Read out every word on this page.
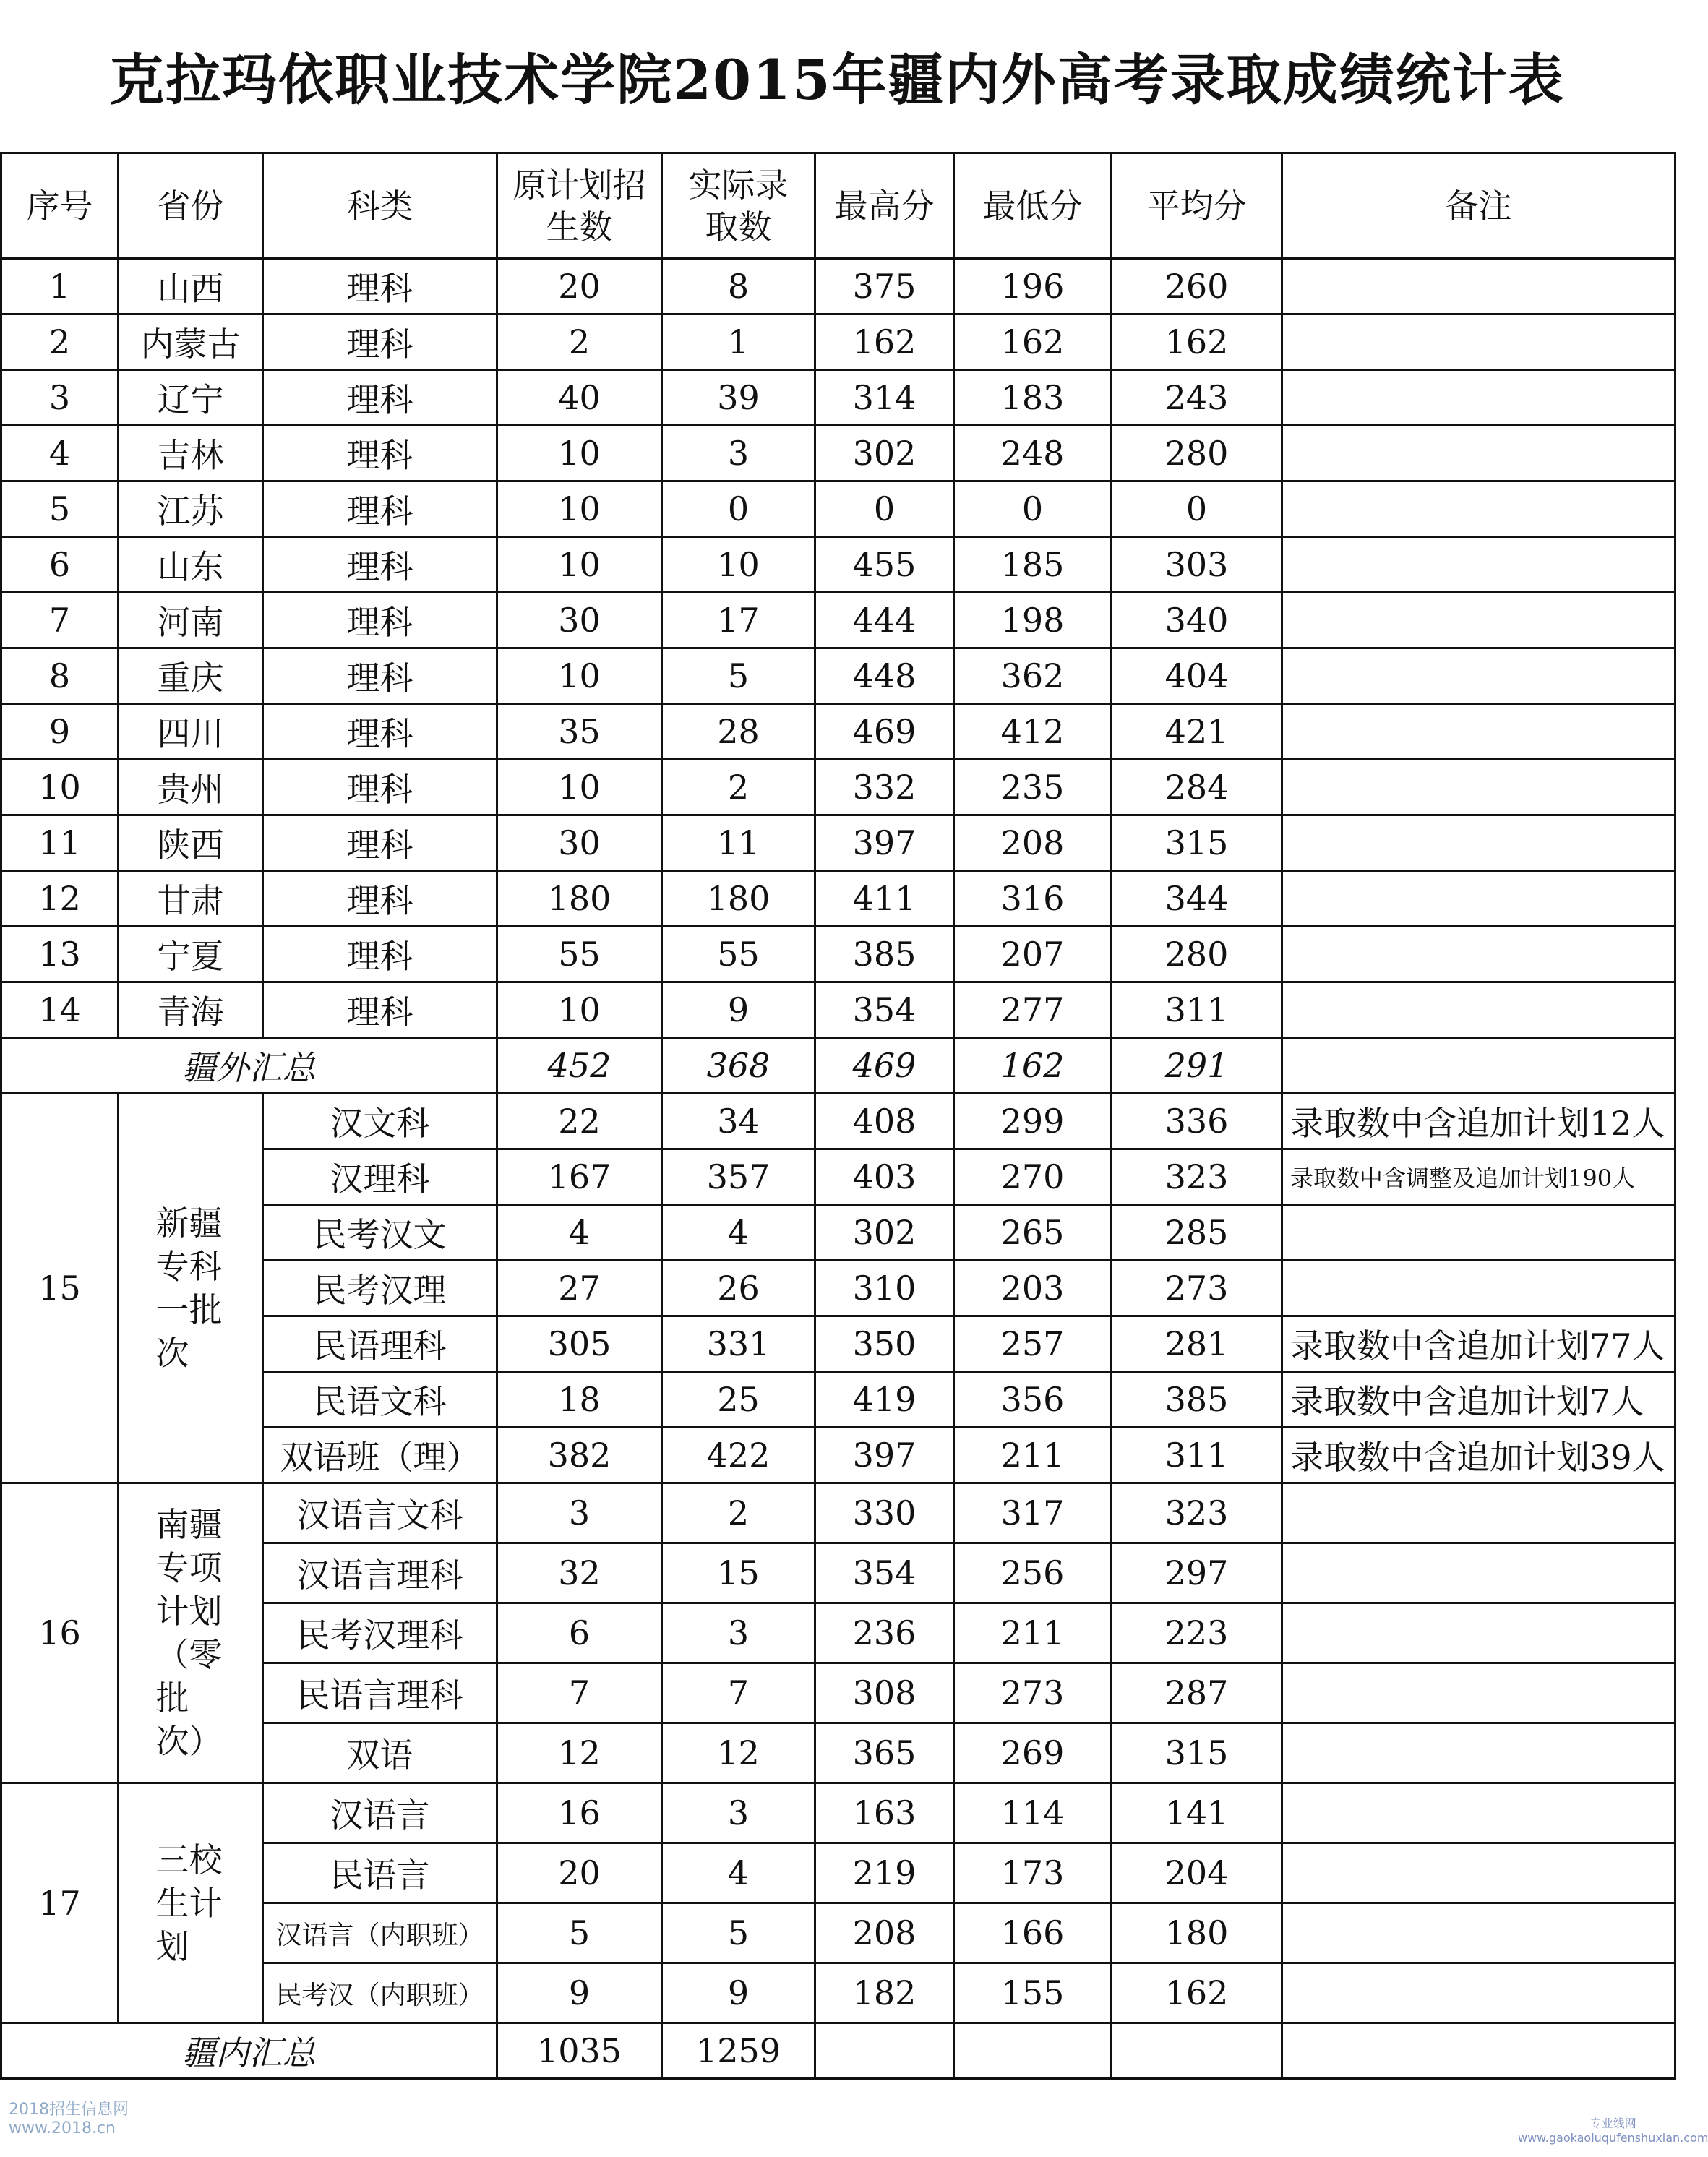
克拉玛依职业技术学院2015年疆内外高考录取成绩统计表
序号	省份	科类	原计划招生数	实际录取数	最高分	最低分	平均分	备注
1	山西	理科	20	8	375	196	260	
2	内蒙古	理科	2	1	162	162	162	
3	辽宁	理科	40	39	314	183	243	
4	吉林	理科	10	3	302	248	280	
5	江苏	理科	10	0	0	0	0	
6	山东	理科	10	10	455	185	303	
7	河南	理科	30	17	444	198	340	
8	重庆	理科	10	5	448	362	404	
9	四川	理科	35	28	469	412	421	
10	贵州	理科	10	2	332	235	284	
11	陕西	理科	30	11	397	208	315	
12	甘肃	理科	180	180	411	316	344	
13	宁夏	理科	55	55	385	207	280	
14	青海	理科	10	9	354	277	311	
疆外汇总			452	368	469	162	291	
15	新疆专科一批次	汉文科	22	34	408	299	336	录取数中含追加计划12人
		汉理科	167	357	403	270	323	录取数中含调整及追加计划190人
		民考汉文	4	4	302	265	285	
		民考汉理	27	26	310	203	273	
		民语理科	305	331	350	257	281	录取数中含追加计划77人
		民语文科	18	25	419	356	385	录取数中含追加计划7人
		双语班（理）	382	422	397	211	311	录取数中含追加计划39人
16	南疆专项计划（零批次）	汉语言文科	3	2	330	317	323	
		汉语言理科	32	15	354	256	297	
		民考汉理科	6	3	236	211	223	
		民语言理科	7	7	308	273	287	
		双语	12	12	365	269	315	
17	三校生计划	汉语言	16	3	163	114	141	
		民语言	20	4	219	173	204	
		汉语言（内职班）	5	5	208	166	180	
		民考汉（内职班）	9	9	182	155	162	
疆内汇总			1035	1259				
2018招生信息网
www.2018.cn	专业线网
www.gaokaoluqufenshuxian.com
